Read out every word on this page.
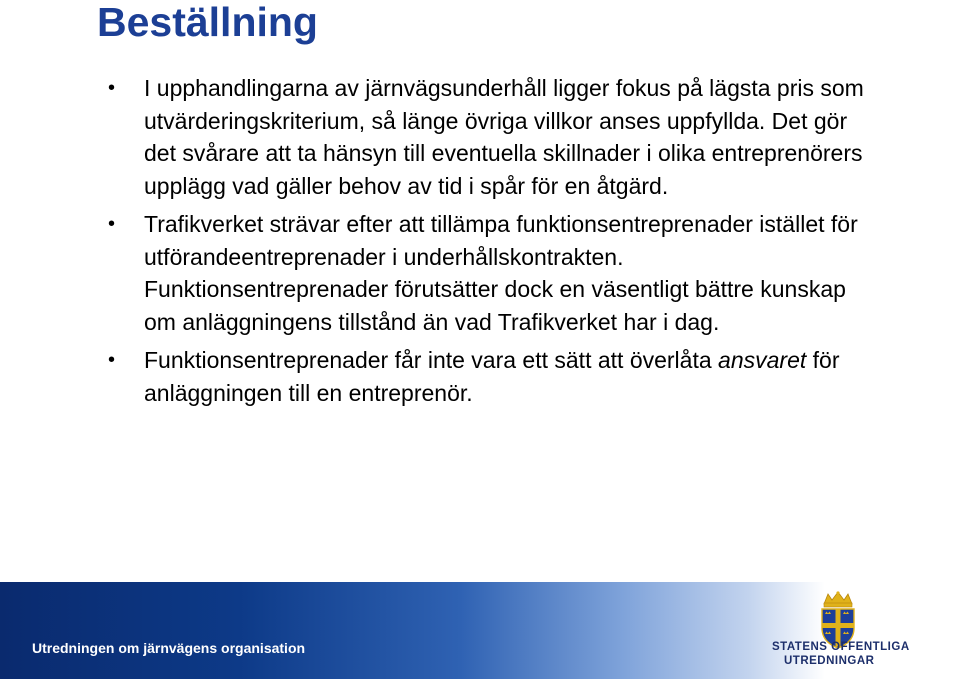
Beställning
• I upphandlingarna av järnvägsunderhåll ligger fokus på lägsta pris som utvärderingskriterium, så länge övriga villkor anses uppfyllda. Det gör det svårare att ta hänsyn till eventuella skillnader i olika entreprenörers upplägg vad gäller behov av tid i spår för en åtgärd.
• Trafikverket strävar efter att tillämpa funktionsentreprenader istället för utförandeentreprenader i underhållskontrakten. Funktionsentreprenader förutsätter dock en väsentligt bättre kunskap om anläggningens tillstånd än vad Trafikverket har i dag.
• Funktionsentreprenader får inte vara ett sätt att överlåta ansvaret för anläggningen till en entreprenör.
Utredningen om järnvägens organisation	STATENS OFFENTLIGA
UTREDNINGAR
